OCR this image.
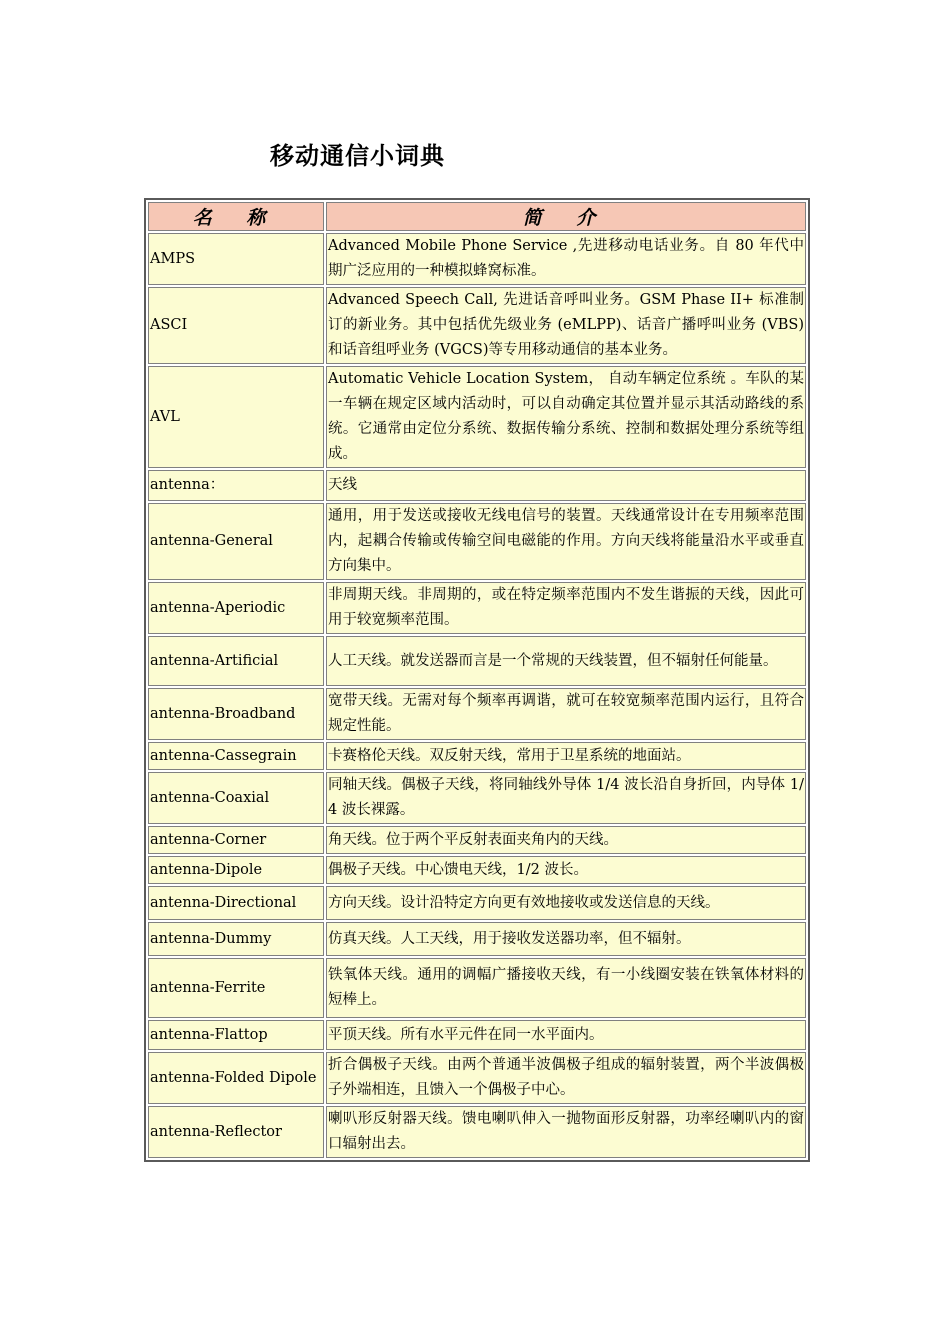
移动通信小词典
名 称	简 介
AMPS	Advanced Mobile Phone Service ,先进移动电话业务。自 80 年代中期广泛应用的一种模拟蜂窝标准。
ASCI	Advanced Speech Call, 先进话音呼叫业务。GSM Phase II+ 标准制订的新业务。其中包括优先级业务 (eMLPP)、话音广播呼叫业务 (VBS)和话音组呼业务 (VGCS)等专用移动通信的基本业务。
AVL	Automatic Vehicle Location System， 自动车辆定位系统 。车队的某一车辆在规定区域内活动时，可以自动确定其位置并显示其活动路线的系统。它通常由定位分系统、数据传输分系统、控制和数据处理分系统等组成。
antenna：	天线
antenna-General	通用，用于发送或接收无线电信号的装置。天线通常设计在专用频率范围内，起耦合传输或传输空间电磁能的作用。方向天线将能量沿水平或垂直方向集中。
antenna-Aperiodic	非周期天线。非周期的，或在特定频率范围内不发生谐振的天线，因此可用于较宽频率范围。
antenna-Artificial	人工天线。就发送器而言是一个常规的天线装置，但不辐射任何能量。
antenna-Broadband	宽带天线。无需对每个频率再调谐，就可在较宽频率范围内运行，且符合规定性能。
antenna-Cassegrain	卡赛格伦天线。双反射天线，常用于卫星系统的地面站。
antenna-Coaxial	同轴天线。偶极子天线，将同轴线外导体 1/4 波长沿自身折回，内导体 1/4 波长裸露。
antenna-Corner	角天线。位于两个平反射表面夹角内的天线。
antenna-Dipole	偶极子天线。中心馈电天线，1/2 波长。
antenna-Directional	方向天线。设计沿特定方向更有效地接收或发送信息的天线。
antenna-Dummy	仿真天线。人工天线，用于接收发送器功率，但不辐射。
antenna-Ferrite	铁氧体天线。通用的调幅广播接收天线，有一小线圈安装在铁氧体材料的短棒上。
antenna-Flattop	平顶天线。所有水平元件在同一水平面内。
antenna-Folded Dipole	折合偶极子天线。由两个普通半波偶极子组成的辐射装置，两个半波偶极子外端相连，且馈入一个偶极子中心。
antenna-Reflector	喇叭形反射器天线。馈电喇叭伸入一抛物面形反射器，功率经喇叭内的窗口辐射出去。
